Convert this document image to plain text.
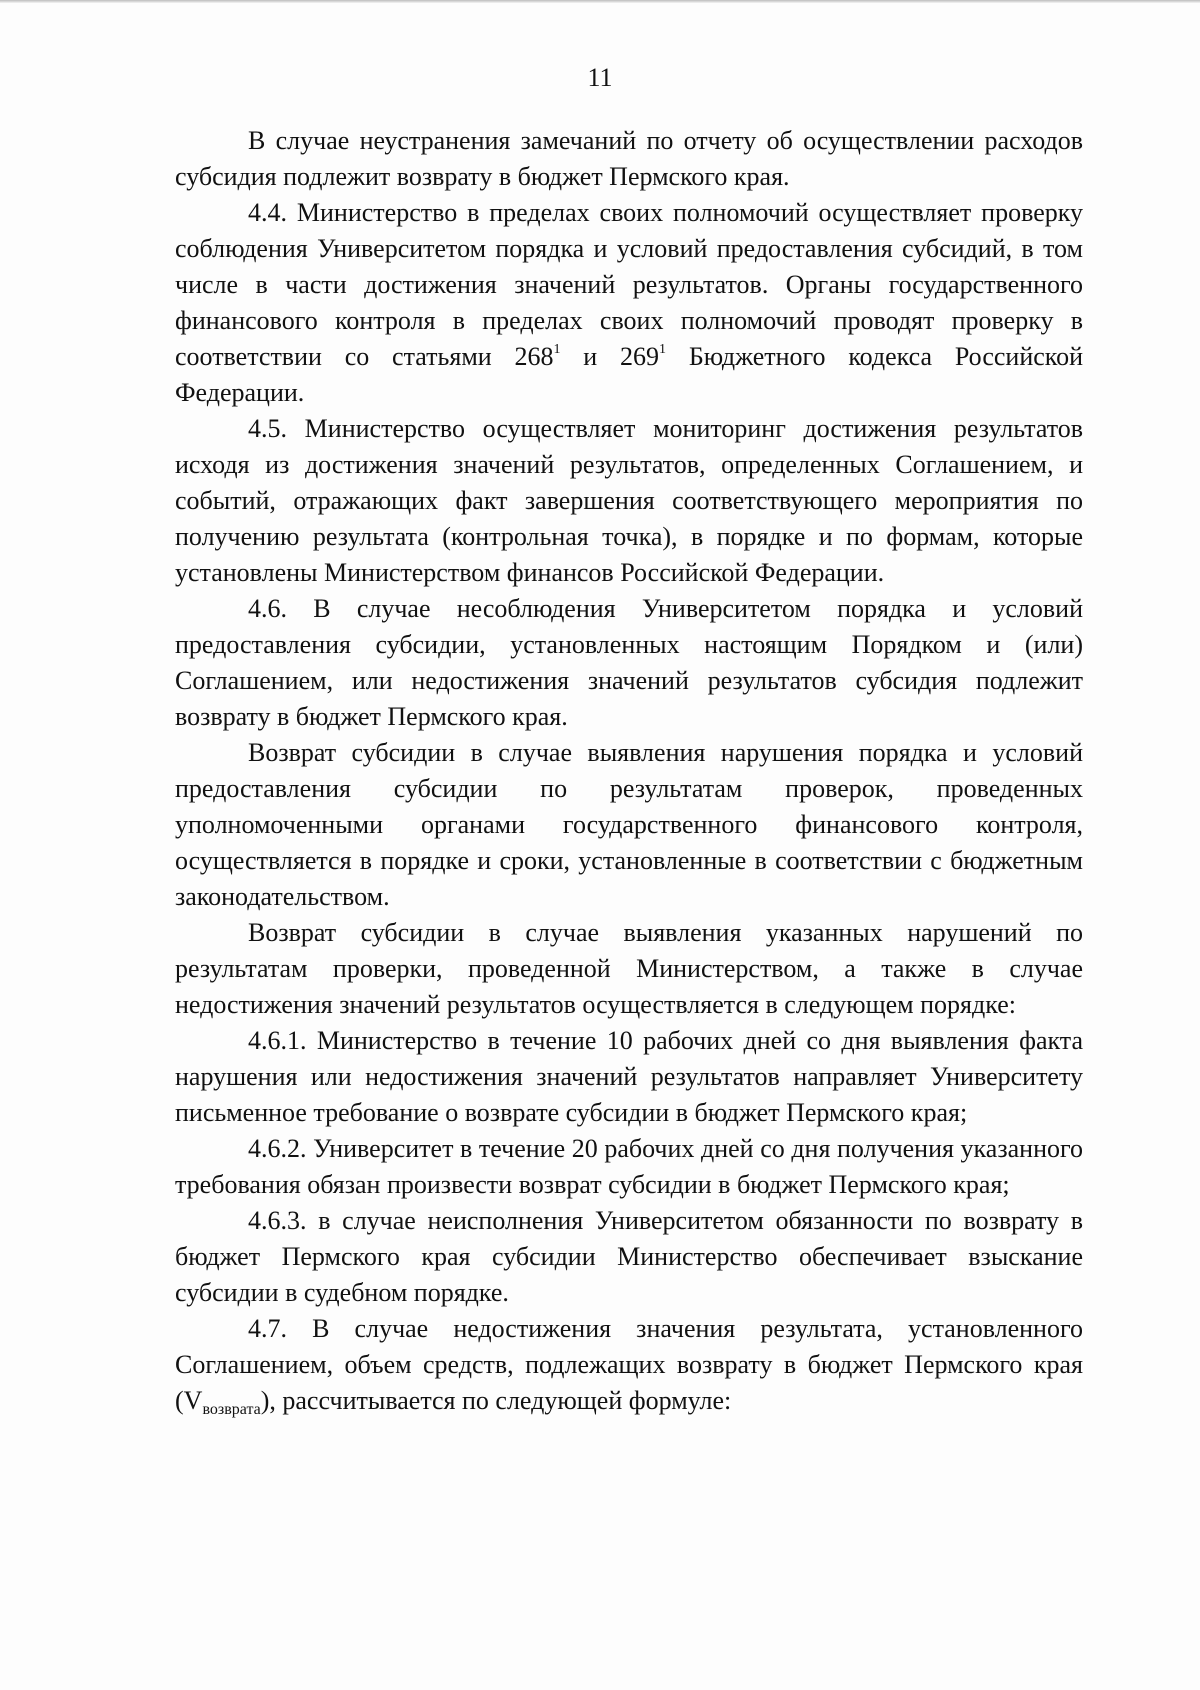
11

В случае неустранения замечаний по отчету об осуществлении расходов субсидия подлежит возврату в бюджет Пермского края.

4.4. Министерство в пределах своих полномочий осуществляет проверку соблюдения Университетом порядка и условий предоставления субсидий, в том числе в части достижения значений результатов. Органы государственного финансового контроля в пределах своих полномочий проводят проверку в соответствии со статьями $268^1$ и $269^1$ Бюджетного кодекса Российской Федерации.

4.5. Министерство осуществляет мониторинг достижения результатов исходя из достижения значений результатов, определенных Соглашением, и событий, отражающих факт завершения соответствующего мероприятия по получению результата (контрольная точка), в порядке и по формам, которые установлены Министерством финансов Российской Федерации.

4.6. В случае несоблюдения Университетом порядка и условий предоставления субсидии, установленных настоящим Порядком и (или) Соглашением, или недостижения значений результатов субсидия подлежит возврату в бюджет Пермского края.

Возврат субсидии в случае выявления нарушения порядка и условий предоставления субсидии по результатам проверок, проведенных уполномоченными органами государственного финансового контроля, осуществляется в порядке и сроки, установленные в соответствии с бюджетным законодательством.

Возврат субсидии в случае выявления указанных нарушений по результатам проверки, проведенной Министерством, а также в случае недостижения значений результатов осуществляется в следующем порядке:

4.6.1. Министерство в течение 10 рабочих дней со дня выявления факта нарушения или недостижения значений результатов направляет Университету письменное требование о возврате субсидии в бюджет Пермского края;

4.6.2. Университет в течение 20 рабочих дней со дня получения указанного требования обязан произвести возврат субсидии в бюджет Пермского края;

4.6.3. в случае неисполнения Университетом обязанности по возврату в бюджет Пермского края субсидии Министерство обеспечивает взыскание субсидии в судебном порядке.

4.7. В случае недостижения значения результата, установленного Соглашением, объем средств, подлежащих возврату в бюджет Пермского края $(V_{возврата})$, рассчитывается по следующей формуле:
